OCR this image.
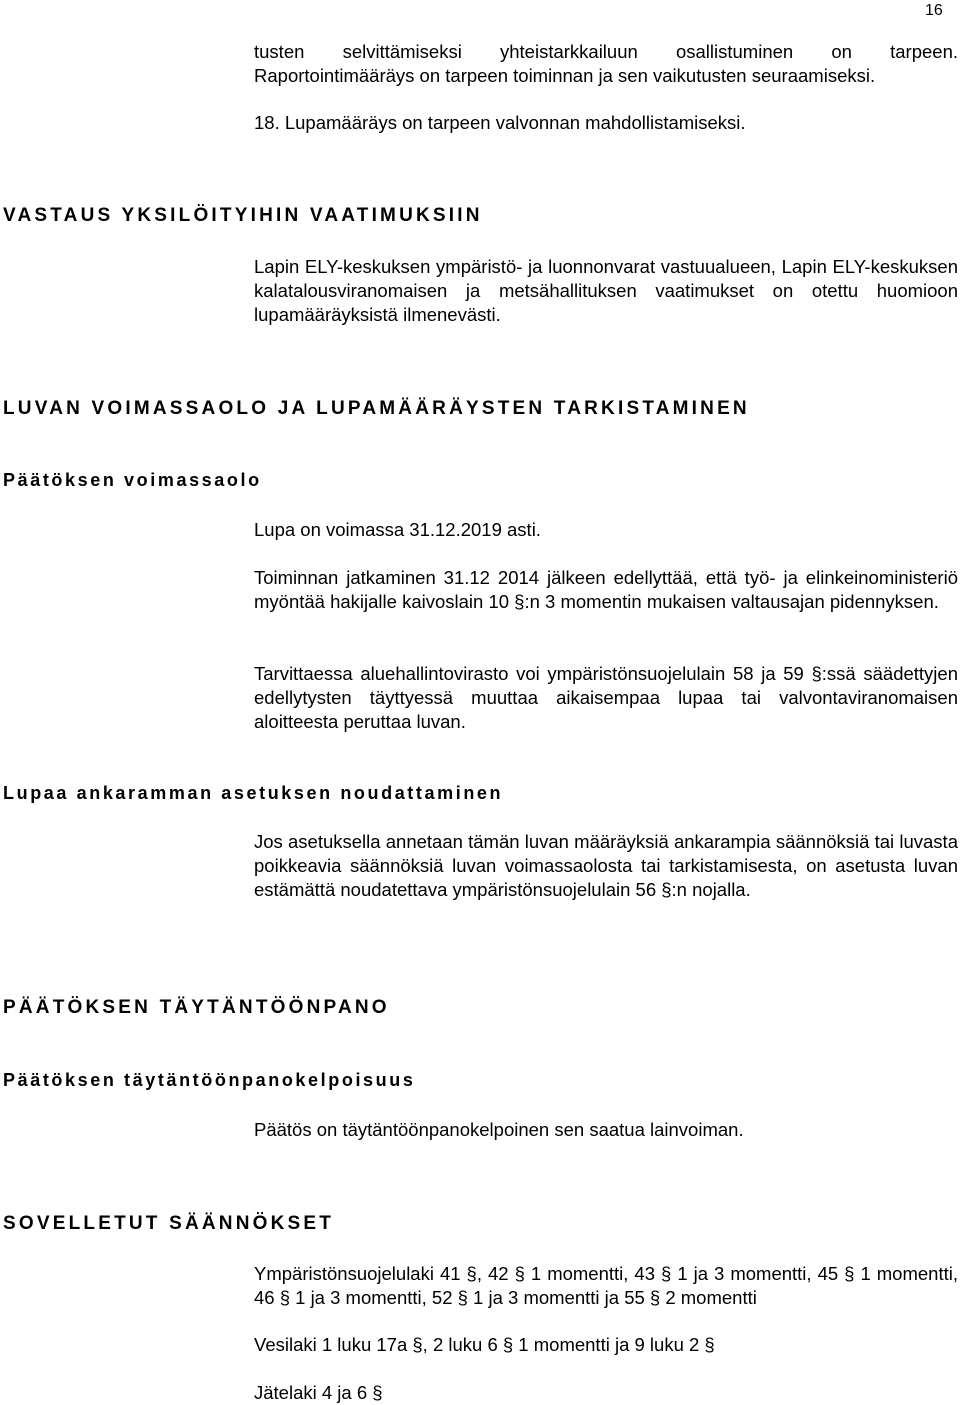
16
tusten selvittämiseksi yhteistarkkailuun osallistuminen on tarpeen. Raportointimääräys on tarpeen toiminnan ja sen vaikutusten seuraamiseksi.
18. Lupamääräys on tarpeen valvonnan mahdollistamiseksi.
VASTAUS YKSILÖITYIHIN VAATIMUKSIIN
Lapin ELY-keskuksen ympäristö- ja luonnonvarat vastuualueen, Lapin ELY-keskuksen kalatalousviranomaisen ja metsähallituksen vaatimukset on otettu huomioon lupamääräyksistä ilmenevästi.
LUVAN VOIMASSAOLO JA LUPAMÄÄRÄYSTEN TARKISTAMINEN
Päätöksen voimassaolo
Lupa on voimassa 31.12.2019 asti.
Toiminnan jatkaminen 31.12 2014 jälkeen edellyttää, että työ- ja elinkeinoministeriö myöntää hakijalle kaivoslain 10 §:n 3 momentin mukaisen valtausajan pidennyksen.
Tarvittaessa aluehallintovirasto voi ympäristönsuojelulain 58 ja 59 §:ssä säädettyjen edellytysten täyttyessä muuttaa aikaisempaa lupaa tai valvontaviranomaisen aloitteesta peruttaa luvan.
Lupaa ankaramman asetuksen noudattaminen
Jos asetuksella annetaan tämän luvan määräyksiä ankarampia säännöksiä tai luvasta poikkeavia säännöksiä luvan voimassaolosta tai tarkistamisesta, on asetusta luvan estämättä noudatettava ympäristönsuojelulain 56 §:n nojalla.
PÄÄTÖKSEN TÄYTÄNTÖÖNPANO
Päätöksen täytäntöönpanokelpoisuus
Päätös on täytäntöönpanokelpoinen sen saatua lainvoiman.
SOVELLETUT SÄÄNNÖKSET
Ympäristönsuojelulaki 41 §, 42 § 1 momentti, 43 § 1 ja 3 momentti, 45 § 1 momentti, 46 § 1 ja 3 momentti, 52 § 1 ja 3 momentti ja 55 § 2 momentti
Vesilaki 1 luku 17a §, 2 luku 6 § 1 momentti ja 9 luku 2 §
Jätelaki 4 ja 6 §
